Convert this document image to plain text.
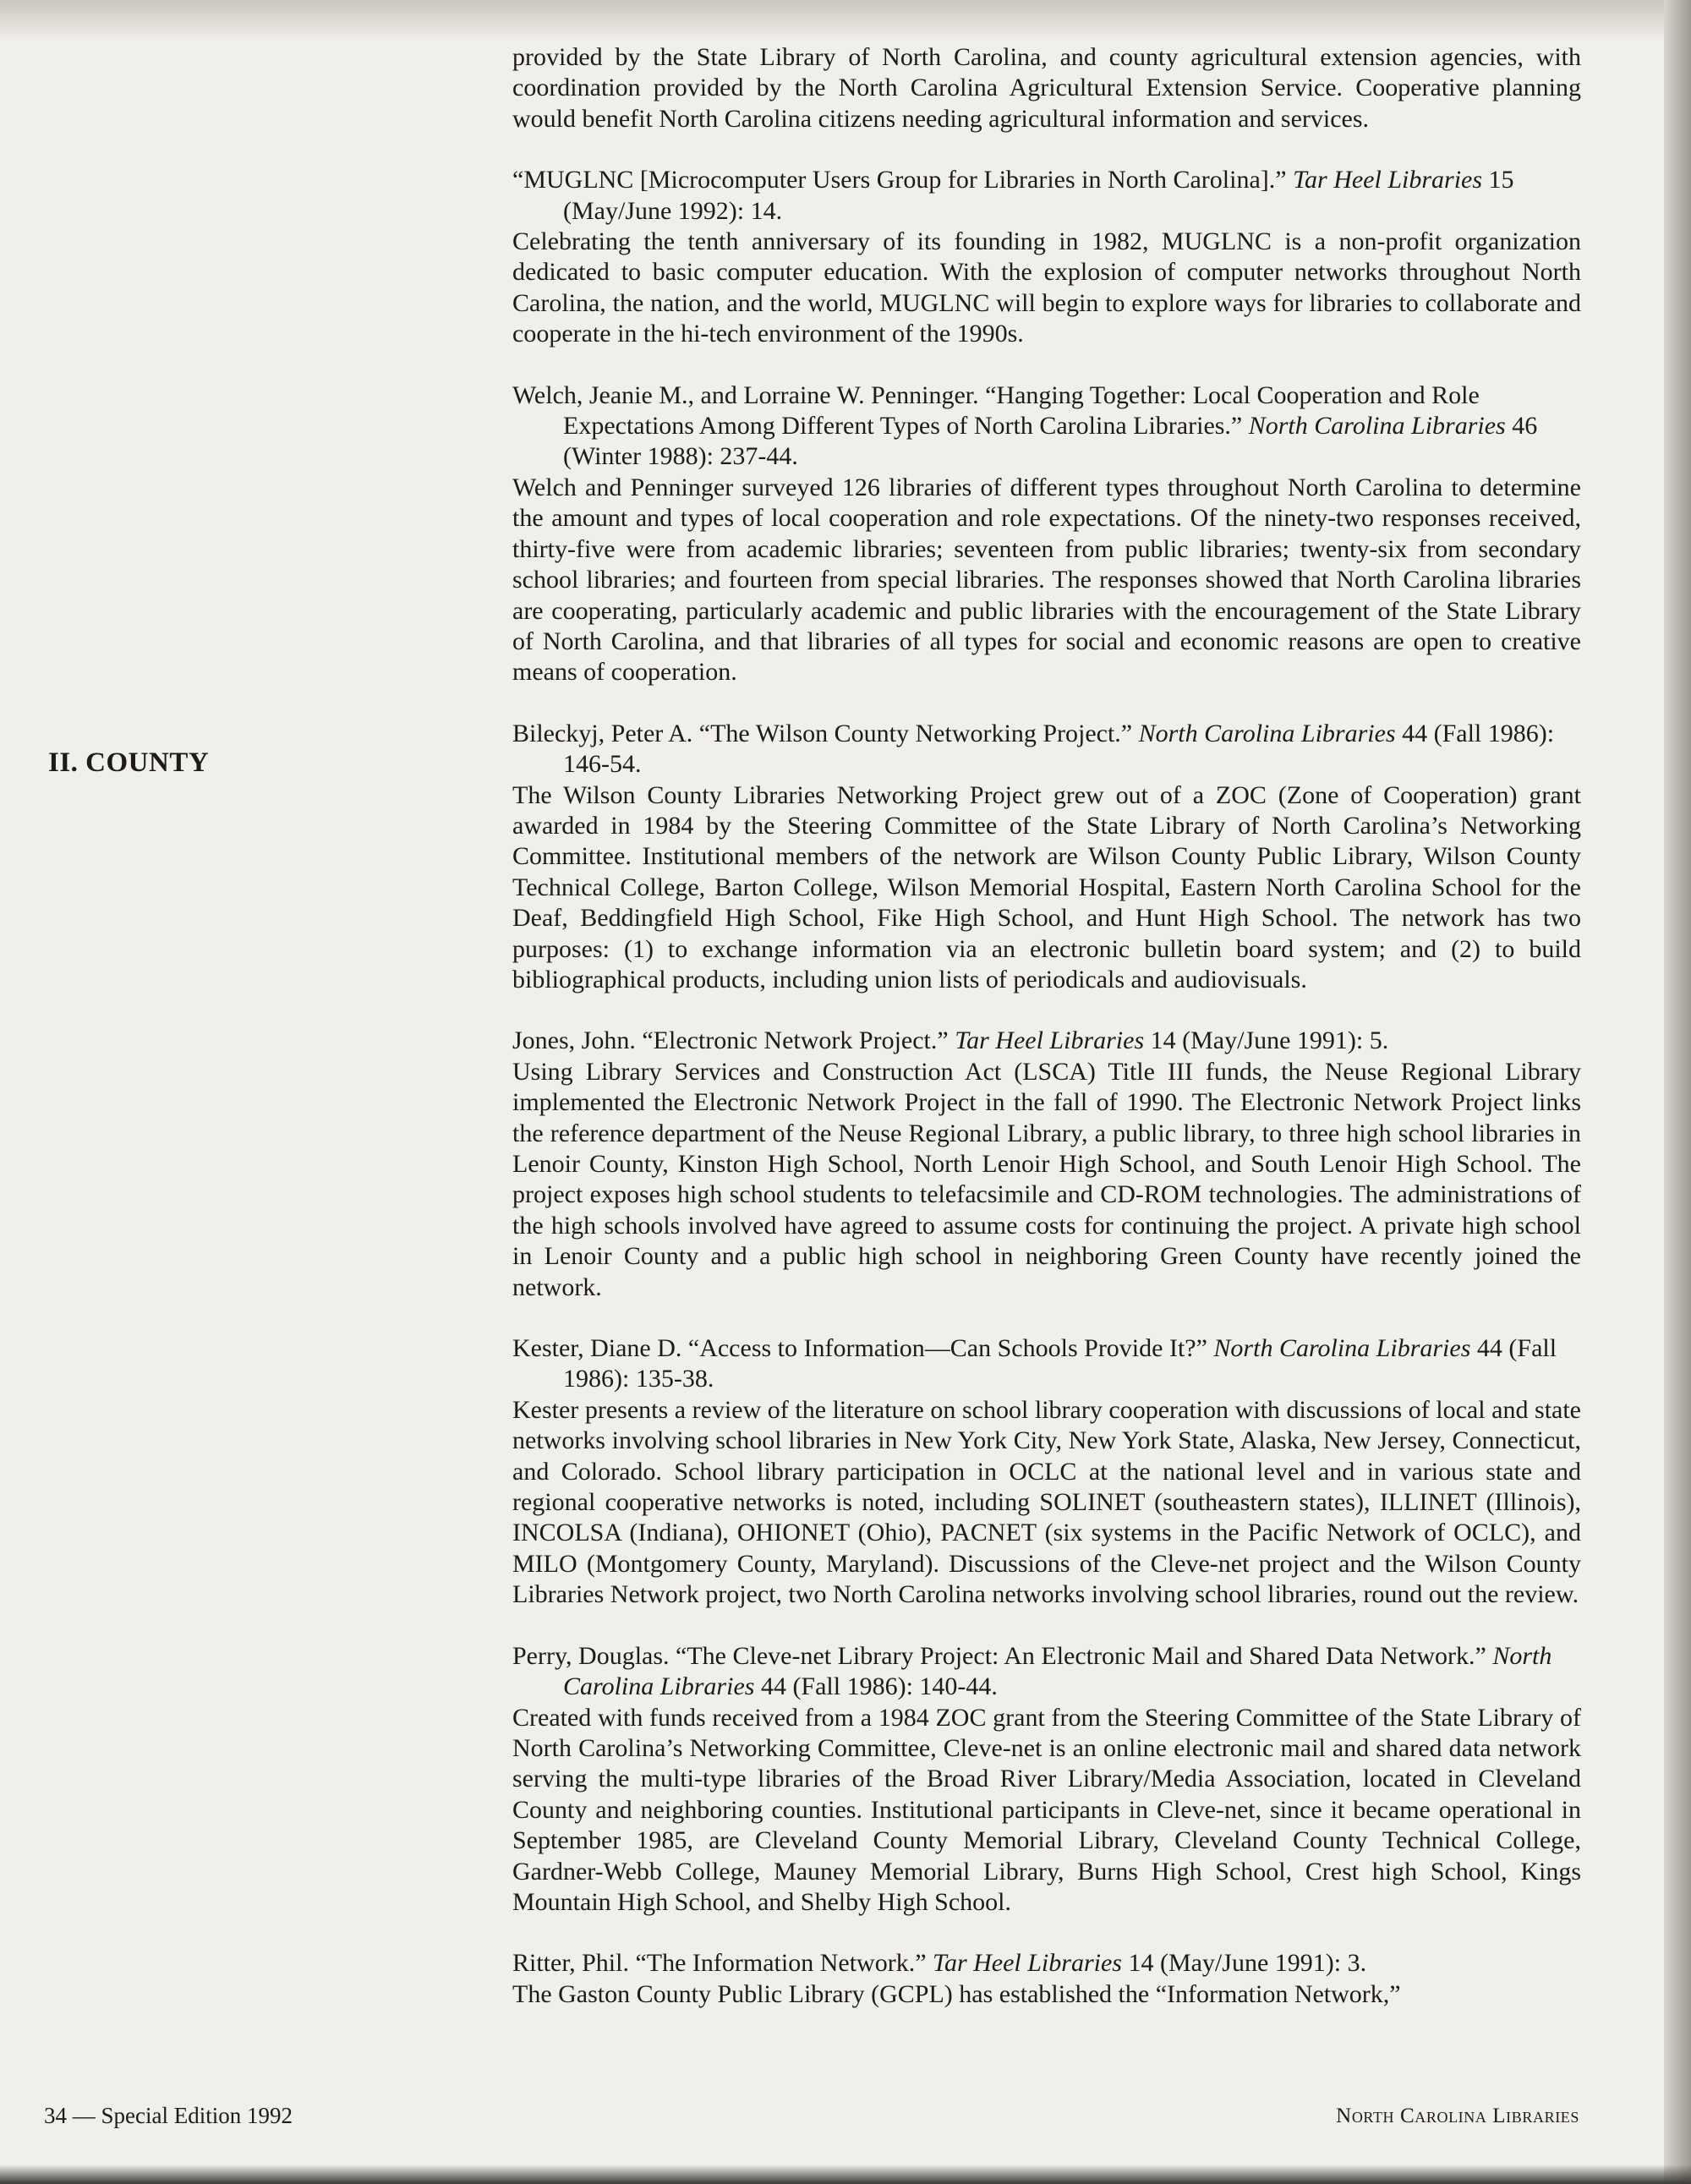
II. COUNTY

provided by the State Library of North Carolina, and county agricultural extension agencies, with coordination provided by the North Carolina Agricultural Extension Service. Cooperative planning would benefit North Carolina citizens needing agricultural information and services.

“MUGLNC [Microcomputer Users Group for Libraries in North Carolina].” Tar Heel Libraries 15 (May/June 1992): 14.

Celebrating the tenth anniversary of its founding in 1982, MUGLNC is a non-profit organization dedicated to basic computer education. With the explosion of computer networks throughout North Carolina, the nation, and the world, MUGLNC will begin to explore ways for libraries to collaborate and cooperate in the hi-tech environment of the 1990s.

Welch, Jeanie M., and Lorraine W. Penninger. “Hanging Together: Local Cooperation and Role Expectations Among Different Types of North Carolina Libraries.” North Carolina Libraries 46 (Winter 1988): 237-44.

Welch and Penninger surveyed 126 libraries of different types throughout North Carolina to determine the amount and types of local cooperation and role expectations. Of the ninety-two responses received, thirty-five were from academic libraries; seventeen from public libraries; twenty-six from secondary school libraries; and fourteen from special libraries. The responses showed that North Carolina libraries are cooperating, particularly academic and public libraries with the encouragement of the State Library of North Carolina, and that libraries of all types for social and economic reasons are open to creative means of cooperation.

Bileckyj, Peter A. “The Wilson County Networking Project.” North Carolina Libraries 44 (Fall 1986): 146-54.

The Wilson County Libraries Networking Project grew out of a ZOC (Zone of Cooperation) grant awarded in 1984 by the Steering Committee of the State Library of North Carolina’s Networking Committee. Institutional members of the network are Wilson County Public Library, Wilson County Technical College, Barton College, Wilson Memorial Hospital, Eastern North Carolina School for the Deaf, Beddingfield High School, Fike High School, and Hunt High School. The network has two purposes: (1) to exchange information via an electronic bulletin board system; and (2) to build bibliographical products, including union lists of periodicals and audiovisuals.

Jones, John. “Electronic Network Project.” Tar Heel Libraries 14 (May/June 1991): 5.

Using Library Services and Construction Act (LSCA) Title III funds, the Neuse Regional Library implemented the Electronic Network Project in the fall of 1990. The Electronic Network Project links the reference department of the Neuse Regional Library, a public library, to three high school libraries in Lenoir County, Kinston High School, North Lenoir High School, and South Lenoir High School. The project exposes high school students to telefacsimile and CD-ROM technologies. The administrations of the high schools involved have agreed to assume costs for continuing the project. A private high school in Lenoir County and a public high school in neighboring Green County have recently joined the network.

Kester, Diane D. “Access to Information—Can Schools Provide It?” North Carolina Libraries 44 (Fall 1986): 135-38.

Kester presents a review of the literature on school library cooperation with discussions of local and state networks involving school libraries in New York City, New York State, Alaska, New Jersey, Connecticut, and Colorado. School library participation in OCLC at the national level and in various state and regional cooperative networks is noted, including SOLINET (southeastern states), ILLINET (Illinois), INCOLSA (Indiana), OHIONET (Ohio), PACNET (six systems in the Pacific Network of OCLC), and MILO (Montgomery County, Maryland). Discussions of the Cleve-net project and the Wilson County Libraries Network project, two North Carolina networks involving school libraries, round out the review.

Perry, Douglas. “The Cleve-net Library Project: An Electronic Mail and Shared Data Network.” North Carolina Libraries 44 (Fall 1986): 140-44.

Created with funds received from a 1984 ZOC grant from the Steering Committee of the State Library of North Carolina’s Networking Committee, Cleve-net is an online electronic mail and shared data network serving the multi-type libraries of the Broad River Library/Media Association, located in Cleveland County and neighboring counties. Institutional participants in Cleve-net, since it became operational in September 1985, are Cleveland County Memorial Library, Cleveland County Technical College, Gardner-Webb College, Mauney Memorial Library, Burns High School, Crest high School, Kings Mountain High School, and Shelby High School.

Ritter, Phil. “The Information Network.” Tar Heel Libraries 14 (May/June 1991): 3.

The Gaston County Public Library (GCPL) has established the “Information Network,”

34 — Special Edition 1992	North Carolina Libraries
